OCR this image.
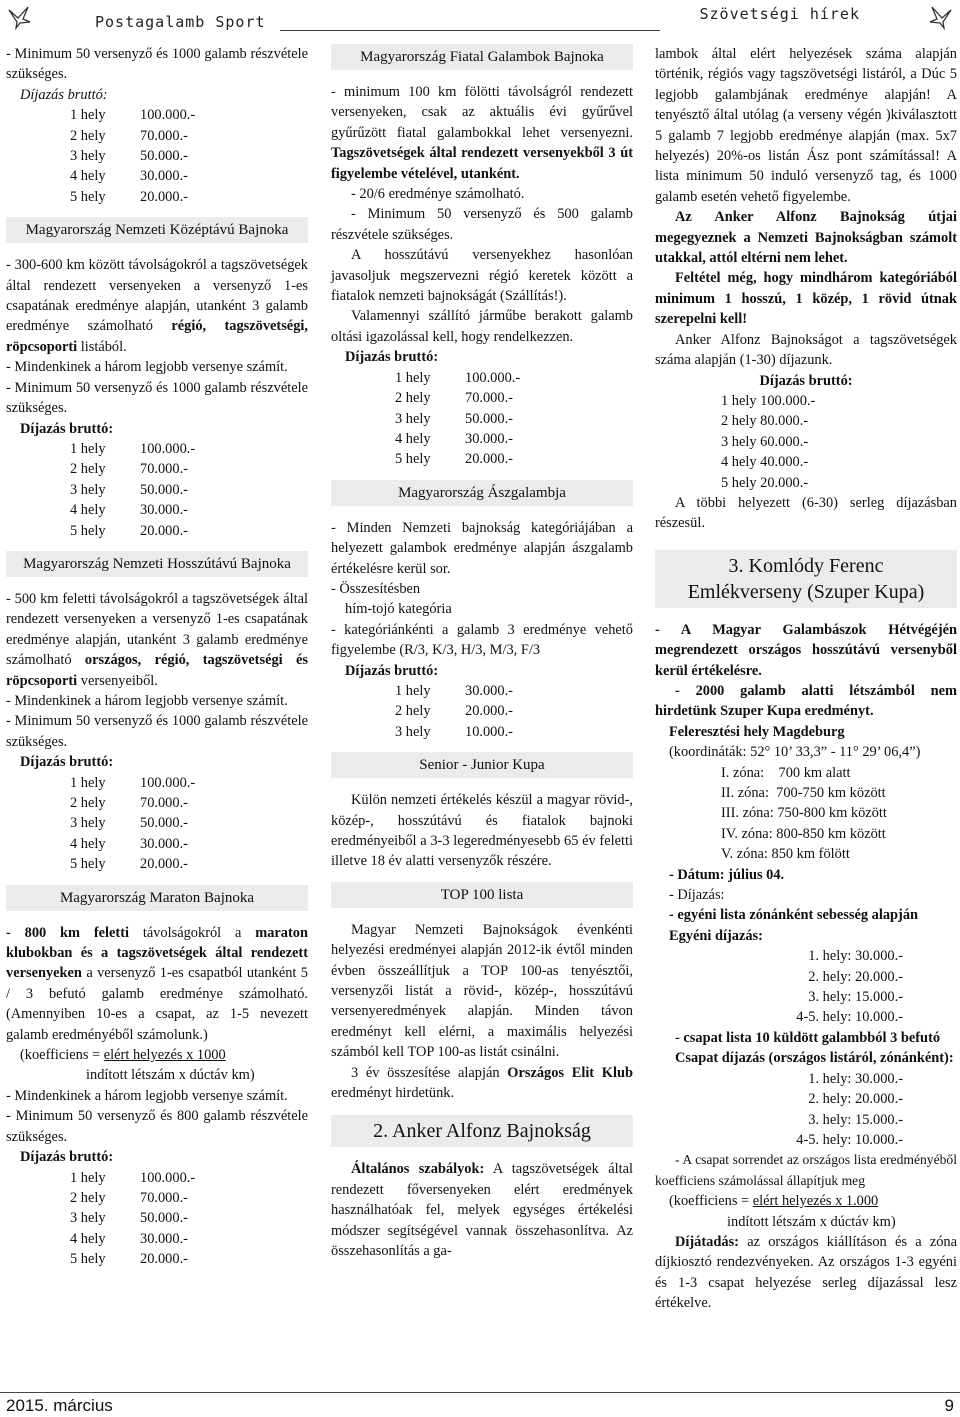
Postagalamb Sport	Szövetségi hírek

- Minimum 50 versenyző és 1000 galamb részvétele szükséges.

Díjazás bruttó:

1 hely	100.000.-
2 hely	70.000.-
3 hely	50.000.-
4 hely	30.000.-
5 hely	20.000.-
Magyarország Nemzeti Középtávú Bajnoka

- 300-600 km között távolságokról a tagszövetségek által rendezett versenyeken a versenyző 1-es csapatának eredménye alapján, utanként 3 galamb eredménye számolható régió, tagszövetségi, röpcsoporti listából.

- Mindenkinek a három legjobb versenye számít.

- Minimum 50 versenyző és 1000 galamb részvétele szükséges.

Díjazás bruttó:

1 hely	100.000.-
2 hely	70.000.-
3 hely	50.000.-
4 hely	30.000.-
5 hely	20.000.-
Magyarország Nemzeti Hosszútávú Bajnoka

- 500 km feletti távolságokról a tagszövetségek által rendezett versenyeken a versenyző 1-es csapatának eredménye alapján, utanként 3 galamb eredménye számolható országos, régió, tagszövetségi és röpcsoporti versenyeiből.

- Mindenkinek a három legjobb versenye számít.

- Minimum 50 versenyző és 1000 galamb részvétele szükséges.

Díjazás bruttó:

1 hely	100.000.-
2 hely	70.000.-
3 hely	50.000.-
4 hely	30.000.-
5 hely	20.000.-
Magyarország Maraton Bajnoka

- 800 km feletti távolságokról a maraton klubokban és a tagszövetségek által rendezett versenyeken a versenyző 1-es csapatból utanként 5 / 3 befutó galamb eredménye számolható. (Amennyiben 10-es a csapat, az 1-5 nevezett galamb eredményéből számolunk.)

(koefficiens = elért helyezés x 1000

indított létszám x dúctáv km)

- Mindenkinek a három legjobb versenye számít.

- Minimum 50 versenyző és 800 galamb részvétele szükséges.

Díjazás bruttó:

1 hely	100.000.-
2 hely	70.000.-
3 hely	50.000.-
4 hely	30.000.-
5 hely	20.000.-
Magyarország Fiatal Galambok Bajnoka

- minimum 100 km fölötti távolságról rendezett versenyeken, csak az aktuális évi gyűrűvel gyűrűzött fiatal galambokkal lehet versenyezni. Tagszövetségek által rendezett versenyekből 3 út figyelembe vételével, utanként.

- 20/6 eredménye számolható.

- Minimum 50 versenyző és 500 galamb részvétele szükséges.

A hosszútávú versenyekhez hasonlóan javasoljuk megszervezni régió keretek között a fiatalok nemzeti bajnokságát (Szállítás!).

Valamennyi szállító járműbe berakott galamb oltási igazolással kell, hogy rendelkezzen.

Díjazás bruttó:

1 hely	100.000.-
2 hely	70.000.-
3 hely	50.000.-
4 hely	30.000.-
5 hely	20.000.-
Magyarország Ászgalambja

- Minden Nemzeti bajnokság kategóriájában a helyezett galambok eredménye alapján ászgalamb értékelésre kerül sor.

- Összesítésben

hím-tojó kategória

- kategóriánkénti a galamb 3 eredménye vehető figyelembe (R/3, K/3, H/3, M/3, F/3

Díjazás bruttó:

1 hely	30.000.-
2 hely	20.000.-
3 hely	10.000.-
Senior - Junior Kupa

Külön nemzeti értékelés készül a magyar rövid-, közép-, hosszútávú és fiatalok bajnoki eredményeiből a 3-3 legeredményesebb 65 év feletti illetve 18 év alatti versenyzők részére.

TOP 100 lista

Magyar Nemzeti Bajnokságok évenkénti helyezési eredményei alapján 2012-ik évtől minden évben összeállítjuk a TOP 100-as tenyésztői, versenyzői listát a rövid-, közép-, hosszútávú versenyeredmények alapján. Minden távon eredményt kell elérni, a maximális helyezési számból kell TOP 100-as listát csinálni.

3 év összesítése alapján Országos Elit Klub eredményt hirdetünk.

2. Anker Alfonz Bajnokság

Általános szabályok: A tagszövetségek által rendezett főversenyeken elért eredmények használhatóak fel, melyek egységes értékelési módszer segítségével vannak összehasonlítva. Az összehasonlítás a ga-

lambok által elért helyezések száma alapján történik, régiós vagy tagszövetségi listáról, a Dúc 5 legjobb galambjának eredménye alapján! A tenyésztő által utólag (a verseny végén )kiválasztott 5 galamb 7 legjobb eredménye alapján (max. 5x7 helyezés) 20%-os listán Ász pont számítással! A lista minimum 50 induló versenyző tag, és 1000 galamb esetén vehető figyelembe.

Az Anker Alfonz Bajnokság útjai megegyeznek a Nemzeti Bajnokságban számolt utakkal, attól eltérni nem lehet.

Feltétel még, hogy mindhárom kategóriából minimum 1 hosszú, 1 közép, 1 rövid útnak szerepelni kell!

Anker Alfonz Bajnokságot a tagszövetségek száma alapján (1-30) díjazunk.

Díjazás bruttó:

1 hely 100.000.-
2 hely 80.000.-
3 hely 60.000.-
4 hely 40.000.-
5 hely 20.000.-

A többi helyezett (6-30) serleg díjazásban részesül.

3. Komlódy Ferenc
Emlékverseny (Szuper Kupa)

- A Magyar Galambászok Hétvégéjén megrendezett országos hosszútávú versenyből kerül értékelésre.

- 2000 galamb alatti létszámból nem hirdetünk Szuper Kupa eredményt.

Feleresztési hely Magdeburg

(koordináták: 52° 10’ 33,3” - 11° 29’ 06,4”)

I. zóna:    700 km alatt
II. zóna:  700-750 km között
III. zóna: 750-800 km között
IV. zóna: 800-850 km között
V. zóna: 850 km fölött

- Dátum: július 04.

- Díjazás:

- egyéni lista zónánként sebesség alapján

Egyéni díjazás:

1. hely: 30.000.-
2. hely: 20.000.-
3. hely: 15.000.-
4-5. hely: 10.000.-

- csapat lista 10 küldött galambból 3 befutó

Csapat díjazás (országos listáról, zónánként):

1. hely: 30.000.-
2. hely: 20.000.-
3. hely: 15.000.-
4-5. hely: 10.000.-

- A csapat sorrendet az országos lista eredményéből koefficiens számolással állapítjuk meg

(koefficiens = elért helyezés x 1.000

indított létszám x dúctáv km)

Díjátadás: az országos kiállításon és a zóna díjkiosztó rendezvényeken. Az országos 1-3 egyéni és 1-3 csapat helyezése serleg díjazással lesz értékelve.

2015. március	9
